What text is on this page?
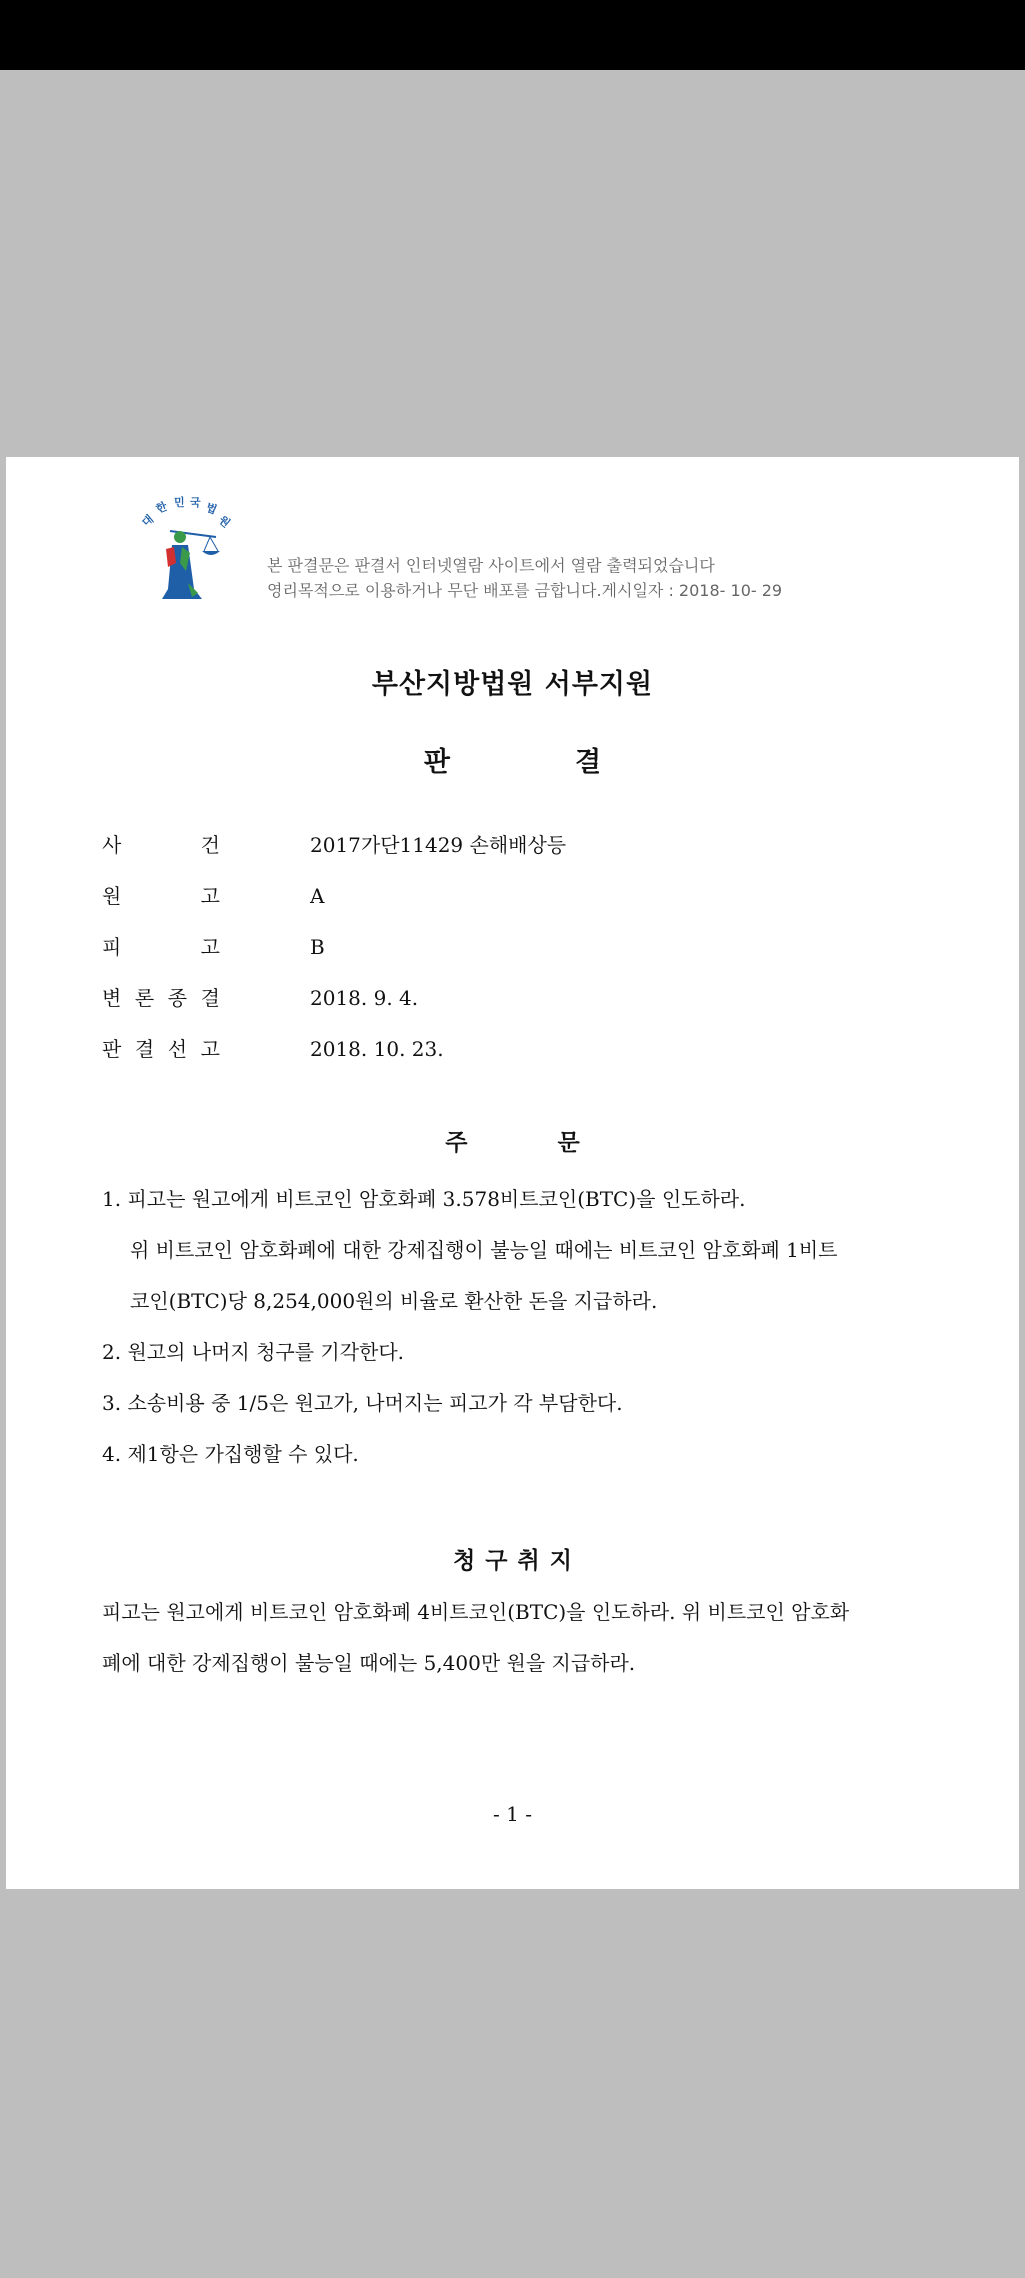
대
한 민 국 법
원
본 판결문은 판결서 인터넷열람 사이트에서 열람 출력되었습니다
영리목적으로 이용하거나 무단 배포를 금합니다.게시일자 : 2018- 10- 29
부산지방법원 서부지원
판결
사	건	2017가단11429 손해배상등
원	고	A
피	고	B
변 론 종 결	2018. 9. 4.
판 결 선 고	2018. 10. 23.
주문
1. 피고는 원고에게 비트코인 암호화폐 3.578비트코인(BTC)을 인도하라.
위 비트코인 암호화폐에 대한 강제집행이 불능일 때에는 비트코인 암호화폐 1비트
코인(BTC)당 8,254,000원의 비율로 환산한 돈을 지급하라.
2. 원고의 나머지 청구를 기각한다.
3. 소송비용 중 1/5은 원고가, 나머지는 피고가 각 부담한다.
4. 제1항은 가집행할 수 있다.
청구취지
피고는 원고에게 비트코인 암호화폐 4비트코인(BTC)을 인도하라. 위 비트코인 암호화
폐에 대한 강제집행이 불능일 때에는 5,400만 원을 지급하라.
- 1 -
